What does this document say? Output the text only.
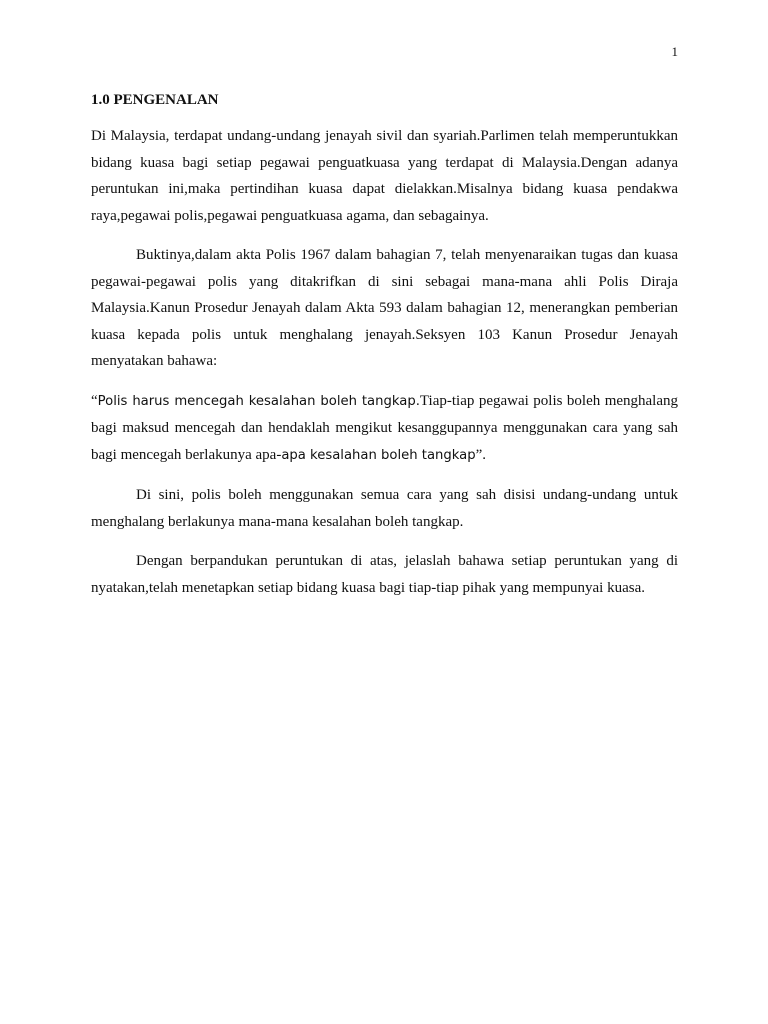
1
1.0 PENGENALAN

Di Malaysia, terdapat undang-undang jenayah sivil dan syariah.Parlimen telah memperuntukkan bidang kuasa bagi setiap pegawai penguatkuasa yang terdapat di Malaysia.Dengan adanya peruntukan ini,maka pertindihan kuasa dapat dielakkan.Misalnya bidang kuasa pendakwa raya,pegawai polis,pegawai penguatkuasa agama, dan sebagainya.

Buktinya,dalam akta Polis 1967 dalam bahagian 7, telah menyenaraikan tugas dan kuasa pegawai-pegawai polis yang ditakrifkan di sini sebagai mana-mana ahli Polis Diraja Malaysia.Kanun Prosedur Jenayah dalam Akta 593 dalam bahagian 12, menerangkan pemberian kuasa kepada polis untuk menghalang jenayah.Seksyen 103 Kanun Prosedur Jenayah menyatakan bahawa:

“Polis harus mencegah kesalahan boleh tangkap.Tiap-tiap pegawai polis boleh menghalang bagi maksud mencegah dan hendaklah mengikut kesanggupannya menggunakan cara yang sah bagi mencegah berlakunya apa-apa kesalahan boleh tangkap”.

Di sini, polis boleh menggunakan semua cara yang sah disisi undang-undang untuk menghalang berlakunya mana-mana kesalahan boleh tangkap.

Dengan berpandukan peruntukan di atas, jelaslah bahawa setiap peruntukan yang di nyatakan,telah menetapkan setiap bidang kuasa bagi tiap-tiap pihak yang mempunyai kuasa.
